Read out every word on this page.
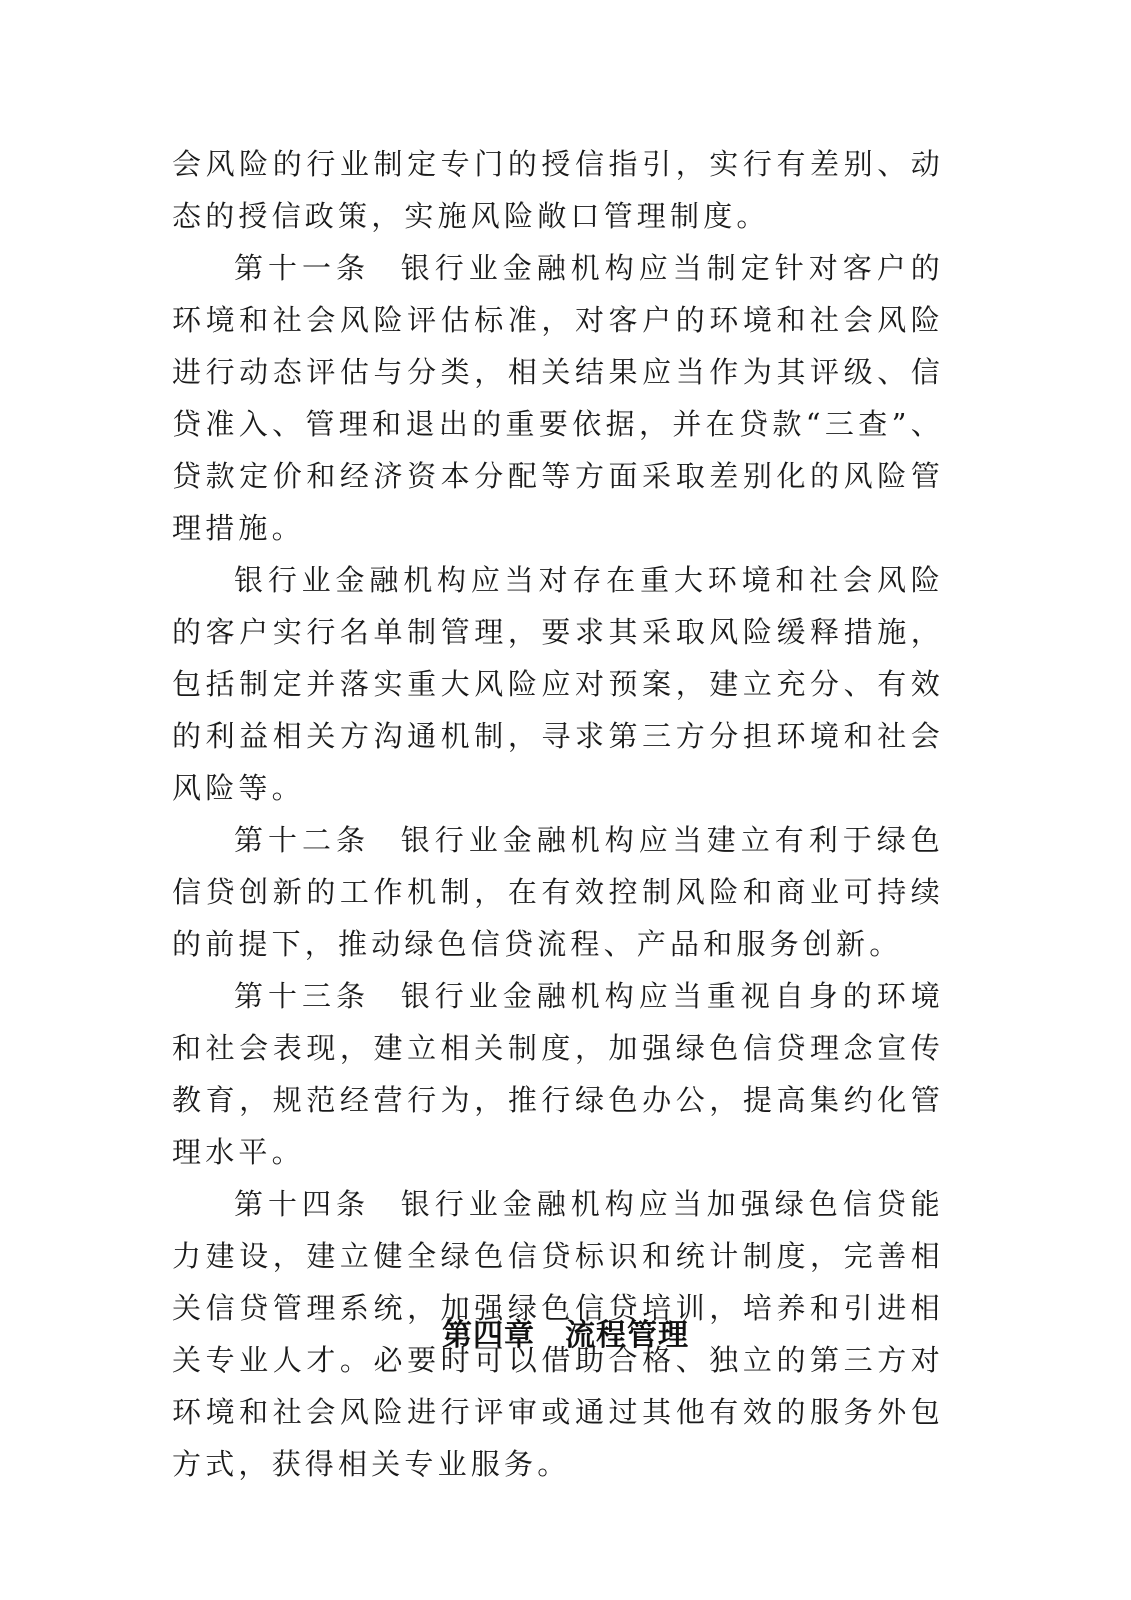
会风险的行业制定专门的授信指引，实行有差别、动态的授信政策，实施风险敞口管理制度。

第十一条 银行业金融机构应当制定针对客户的环境和社会风险评估标准，对客户的环境和社会风险进行动态评估与分类，相关结果应当作为其评级、信贷准入、管理和退出的重要依据，并在贷款“三查”、贷款定价和经济资本分配等方面采取差别化的风险管理措施。

银行业金融机构应当对存在重大环境和社会风险的客户实行名单制管理，要求其采取风险缓释措施，包括制定并落实重大风险应对预案，建立充分、有效的利益相关方沟通机制，寻求第三方分担环境和社会风险等。

第十二条 银行业金融机构应当建立有利于绿色信贷创新的工作机制，在有效控制风险和商业可持续的前提下，推动绿色信贷流程、产品和服务创新。

第十三条 银行业金融机构应当重视自身的环境和社会表现，建立相关制度，加强绿色信贷理念宣传教育，规范经营行为，推行绿色办公，提高集约化管理水平。

第十四条 银行业金融机构应当加强绿色信贷能力建设，建立健全绿色信贷标识和统计制度，完善相关信贷管理系统，加强绿色信贷培训，培养和引进相关专业人才。必要时可以借助合格、独立的第三方对环境和社会风险进行评审或通过其他有效的服务外包方式，获得相关专业服务。

第四章 流程管理
